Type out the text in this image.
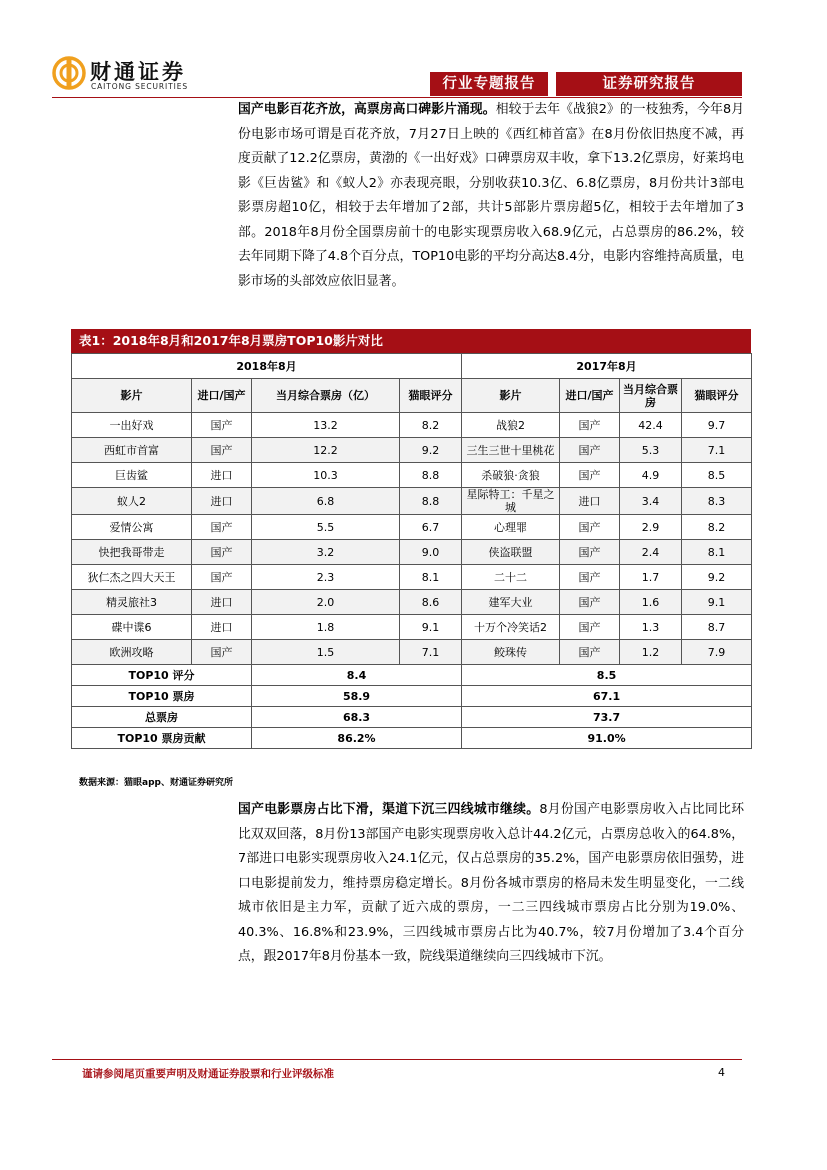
财通证券
CAITONG SECURITIES	行业专题报告	证券研究报告
国产电影百花齐放，高票房高口碑影片涌现。相较于去年《战狼2》的一枝独秀，今年8月份电影市场可谓是百花齐放，7月27日上映的《西红柿首富》在8月份依旧热度不减，再度贡献了12.2亿票房，黄渤的《一出好戏》口碑票房双丰收，拿下13.2亿票房，好莱坞电影《巨齿鲨》和《蚁人2》亦表现亮眼，分别收获10.3亿、6.8亿票房，8月份共计3部电影票房超10亿，相较于去年增加了2部，共计5部影片票房超5亿，相较于去年增加了3部。2018年8月份全国票房前十的电影实现票房收入68.9亿元，占总票房的86.2%，较去年同期下降了4.8个百分点，TOP10电影的平均分高达8.4分，电影内容维持高质量，电影市场的头部效应依旧显著。
表1：2018年8月和2017年8月票房TOP10影片对比
2018年8月				2017年8月			
影片	进口/国产	当月综合票房（亿）	猫眼评分	影片	进口/国产	当月综合票房	猫眼评分
一出好戏	国产	13.2	8.2	战狼2	国产	42.4	9.7
西虹市首富	国产	12.2	9.2	三生三世十里桃花	国产	5.3	7.1
巨齿鲨	进口	10.3	8.8	杀破狼·贪狼	国产	4.9	8.5
蚁人2	进口	6.8	8.8	星际特工：千星之城	进口	3.4	8.3
爱情公寓	国产	5.5	6.7	心理罪	国产	2.9	8.2
快把我哥带走	国产	3.2	9.0	侠盗联盟	国产	2.4	8.1
狄仁杰之四大天王	国产	2.3	8.1	二十二	国产	1.7	9.2
精灵旅社3	进口	2.0	8.6	建军大业	国产	1.6	9.1
碟中谍6	进口	1.8	9.1	十万个冷笑话2	国产	1.3	8.7
欧洲攻略	国产	1.5	7.1	鲛珠传	国产	1.2	7.9
TOP10 评分		8.4		8.5			
TOP10 票房		58.9		67.1			
总票房		68.3		73.7			
TOP10 票房贡献		86.2%		91.0%			
数据来源：猫眼app、财通证券研究所
国产电影票房占比下滑，渠道下沉三四线城市继续。8月份国产电影票房收入占比同比环比双双回落，8月份13部国产电影实现票房收入总计44.2亿元，占票房总收入的64.8%，7部进口电影实现票房收入24.1亿元，仅占总票房的35.2%，国产电影票房依旧强势，进口电影提前发力，维持票房稳定增长。8月份各城市票房的格局未发生明显变化，一二线城市依旧是主力军，贡献了近六成的票房，一二三四线城市票房占比分别为19.0%、40.3%、16.8%和23.9%，三四线城市票房占比为40.7%，较7月份增加了3.4个百分点，跟2017年8月份基本一致，院线渠道继续向三四线城市下沉。
谨请参阅尾页重要声明及财通证券股票和行业评级标准	4
